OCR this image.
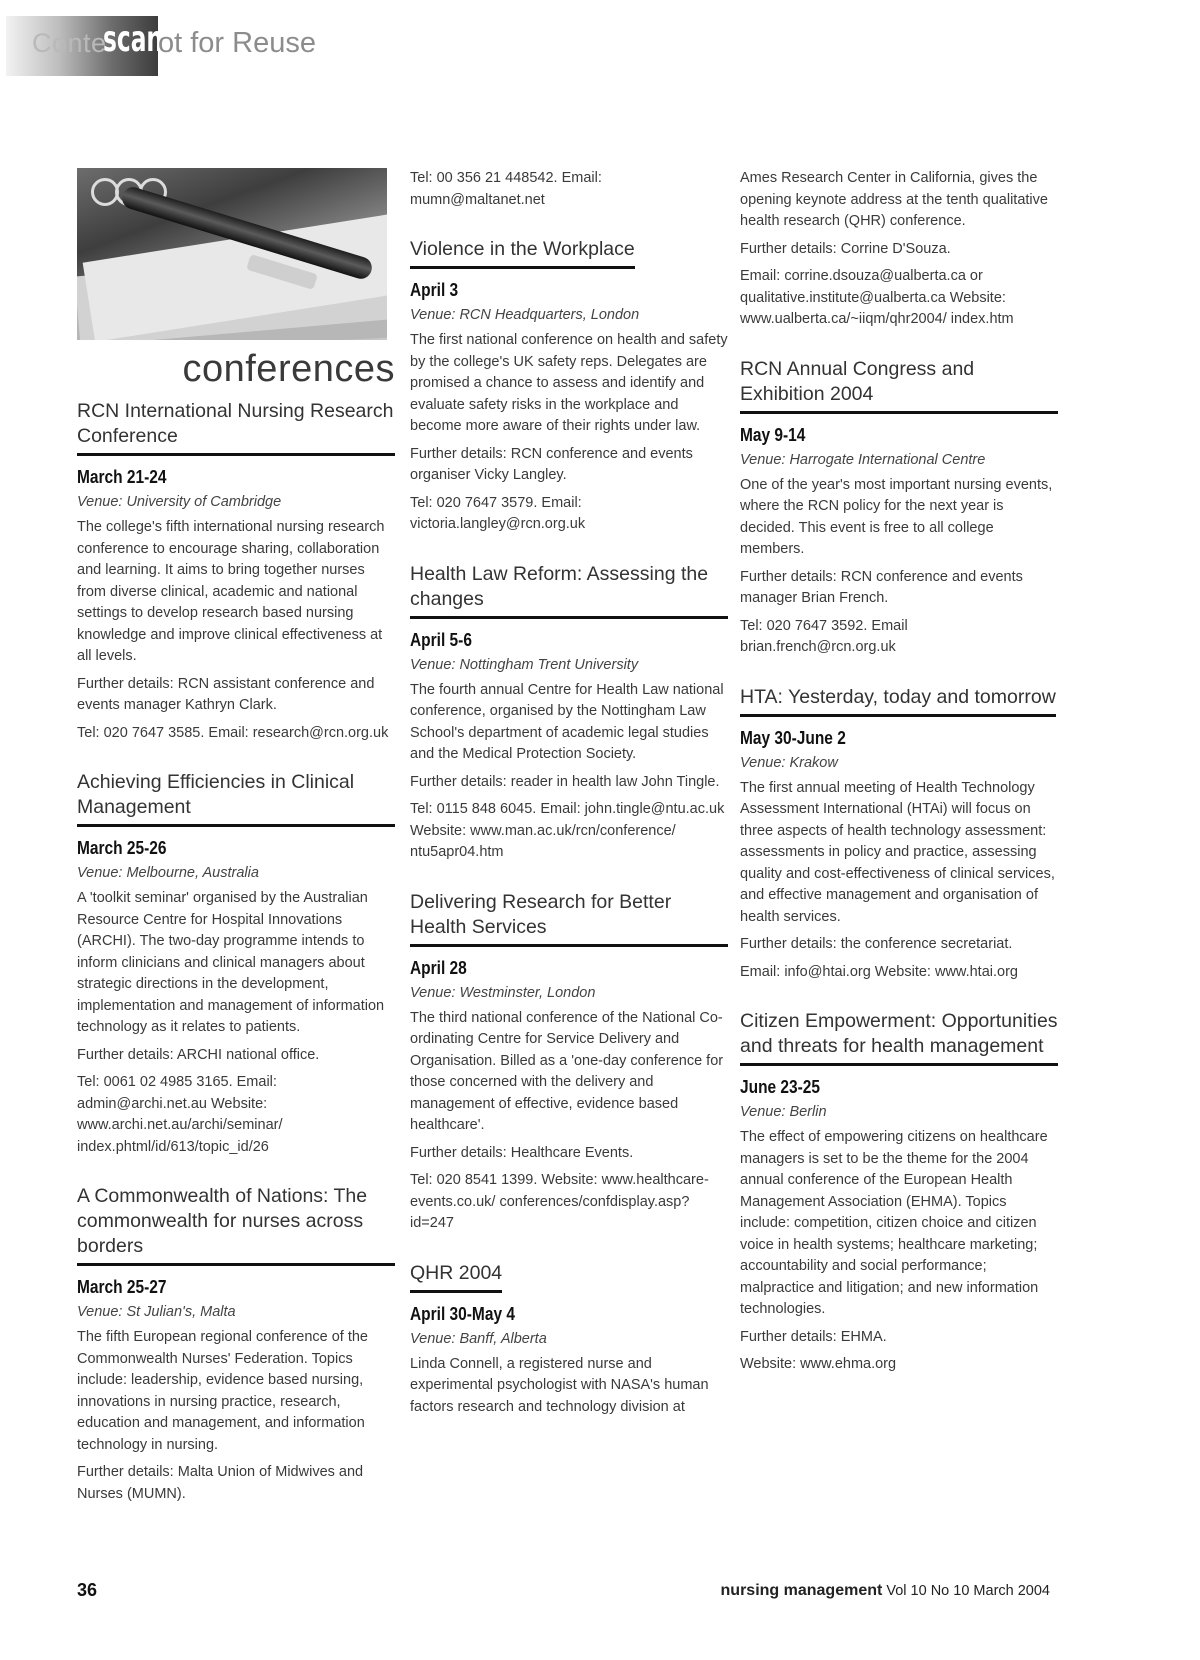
Conte
scan
ot for Reuse
conferences
RCN International Nursing Research Conference
March 21-24
Venue: University of Cambridge

The college's fifth international nursing research conference to encourage sharing, collaboration and learning. It aims to bring together nurses from diverse clinical, academic and national settings to develop research based nursing knowledge and improve clinical effectiveness at all levels.

Further details: RCN assistant conference and events manager Kathryn Clark.

Tel: 020 7647 3585. Email: research@rcn.org.uk

Achieving Efficiencies in Clinical Management
March 25-26
Venue: Melbourne, Australia

A 'toolkit seminar' organised by the Australian Resource Centre for Hospital Innovations (ARCHI). The two-day programme intends to inform clinicians and clinical managers about strategic directions in the development, implementation and management of information technology as it relates to patients.

Further details: ARCHI national office.

Tel: 0061 02 4985 3165. Email: admin@archi.net.au Website: www.archi.net.au/archi/seminar/ index.phtml/id/613/topic_id/26

A Commonwealth of Nations: The commonwealth for nurses across borders
March 25-27
Venue: St Julian's, Malta

The fifth European regional conference of the Commonwealth Nurses' Federation. Topics include: leadership, evidence based nursing, innovations in nursing practice, research, education and management, and information technology in nursing.

Further details: Malta Union of Midwives and Nurses (MUMN).

Tel: 00 356 21 448542. Email: mumn@maltanet.net

Violence in the Workplace
April 3
Venue: RCN Headquarters, London

The first national conference on health and safety by the college's UK safety reps. Delegates are promised a chance to assess and identify and evaluate safety risks in the workplace and become more aware of their rights under law.

Further details: RCN conference and events organiser Vicky Langley.

Tel: 020 7647 3579. Email: victoria.langley@rcn.org.uk

Health Law Reform: Assessing the changes
April 5-6
Venue: Nottingham Trent University

The fourth annual Centre for Health Law national conference, organised by the Nottingham Law School's department of academic legal studies and the Medical Protection Society.

Further details: reader in health law John Tingle.

Tel: 0115 848 6045. Email: john.tingle@ntu.ac.uk Website: www.man.ac.uk/rcn/conference/ ntu5apr04.htm

Delivering Research for Better Health Services
April 28
Venue: Westminster, London

The third national conference of the National Co-ordinating Centre for Service Delivery and Organisation. Billed as a 'one-day conference for those concerned with the delivery and management of effective, evidence based healthcare'.

Further details: Healthcare Events.

Tel: 020 8541 1399. Website: www.healthcare-events.co.uk/ conferences/confdisplay.asp?id=247

QHR 2004
April 30-May 4
Venue: Banff, Alberta

Linda Connell, a registered nurse and experimental psychologist with NASA's human factors research and technology division at

Ames Research Center in California, gives the opening keynote address at the tenth qualitative health research (QHR) conference.

Further details: Corrine D'Souza.

Email: corrine.dsouza@ualberta.ca or qualitative.institute@ualberta.ca Website: www.ualberta.ca/~iiqm/qhr2004/ index.htm

RCN Annual Congress and Exhibition 2004
May 9-14
Venue: Harrogate International Centre

One of the year's most important nursing events, where the RCN policy for the next year is decided. This event is free to all college members.

Further details: RCN conference and events manager Brian French.

Tel: 020 7647 3592. Email brian.french@rcn.org.uk

HTA: Yesterday, today and tomorrow
May 30-June 2
Venue: Krakow

The first annual meeting of Health Technology Assessment International (HTAi) will focus on three aspects of health technology assessment: assessments in policy and practice, assessing quality and cost-effectiveness of clinical services, and effective management and organisation of health services.

Further details: the conference secretariat.

Email: info@htai.org Website: www.htai.org

Citizen Empowerment: Opportunities and threats for health management
June 23-25
Venue: Berlin

The effect of empowering citizens on healthcare managers is set to be the theme for the 2004 annual conference of the European Health Management Association (EHMA). Topics include: competition, citizen choice and citizen voice in health systems; healthcare marketing; accountability and social performance; malpractice and litigation; and new information technologies.

Further details: EHMA.

Website: www.ehma.org

36	nursing management Vol 10 No 10 March 2004
